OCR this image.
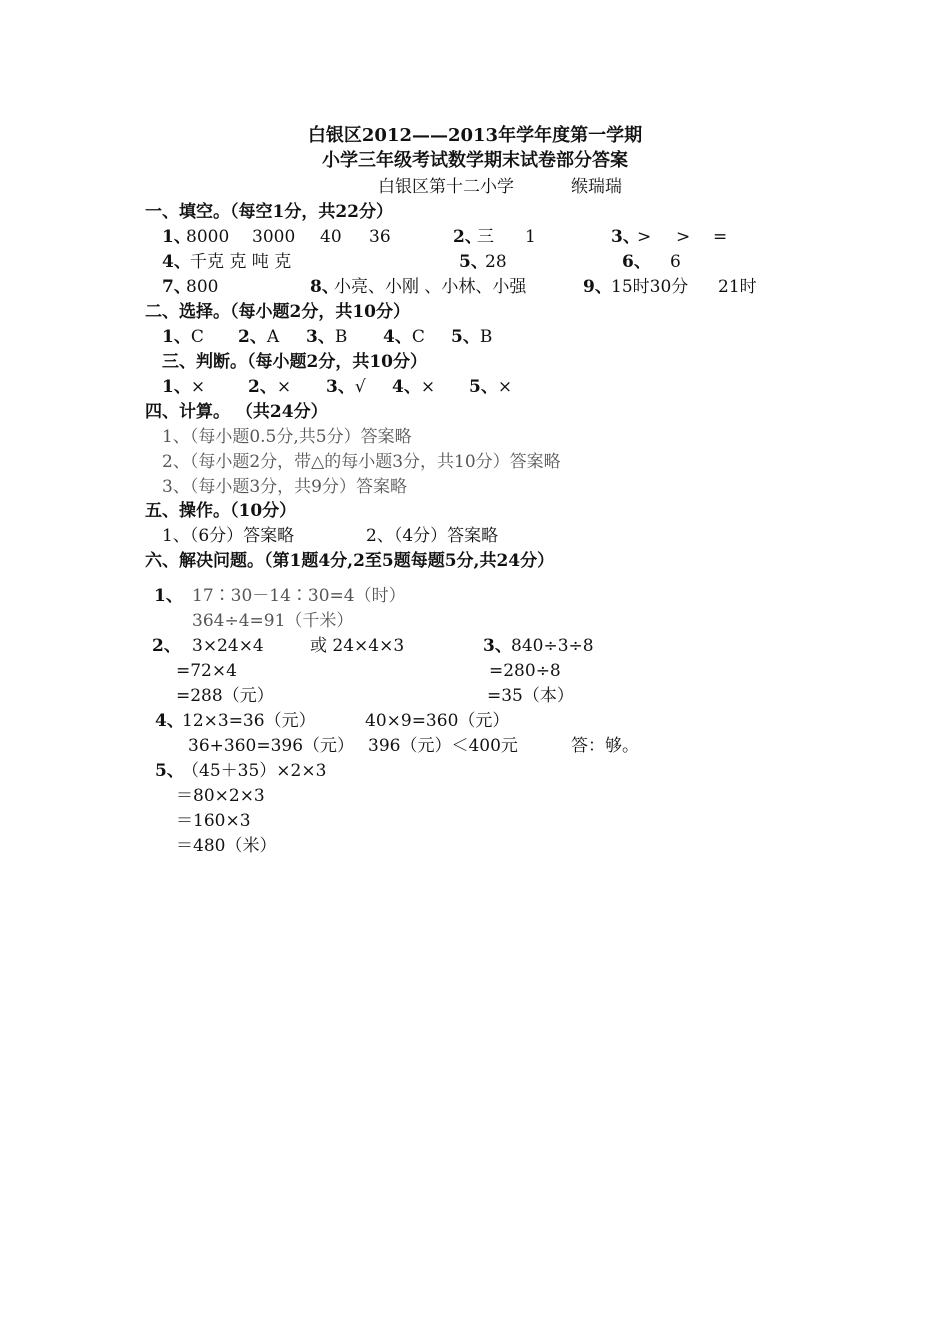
白银区2012——2013年学年度第一学期
小学三年级考试数学期末试卷部分答案
白银区第十二小学	缑瑞瑞
一、填空。（每空1分，共22分）
1、
8000 3000 40 36	2、
三 1	3、
> > =
4、 千克 克 吨 克	5、
28	6、 6
7、
800	8、
小亮、小刚 、小林、小强	9、 15时30分 21时
二、选择。（每小题2分，共10分）
1、C 2、A 3、B 4、C 5、B
三、判断。（每小题2分，共10分）
1、×	2、× 3、√ 4、× 5、×
四、计算。 （共24分）
1、（每小题0.5分,共5分）答案略
2、（每小题2分，带△的每小题3分，共10分）答案略
3、（每小题3分，共9分）答案略
五、操作。（10分）
1、（6分）答案略	2、（4分）答案略
六、解决问题。（第1题4分,2至5题每题5分,共24分）
1、 17∶30－14∶30=4（时）
364÷4=91（千米）
2、 3×24×4	或 24×4×3
=72×4
=288（元）
3、 840÷3÷8
=280÷8
=35（本）
4、
12×3=36（元）	40×9=360（元）
36+360=396（元） 396（元）＜400元	答：够。
5、
（45＋35）×2×3
＝80×2×3
＝160×3
＝480（米）
